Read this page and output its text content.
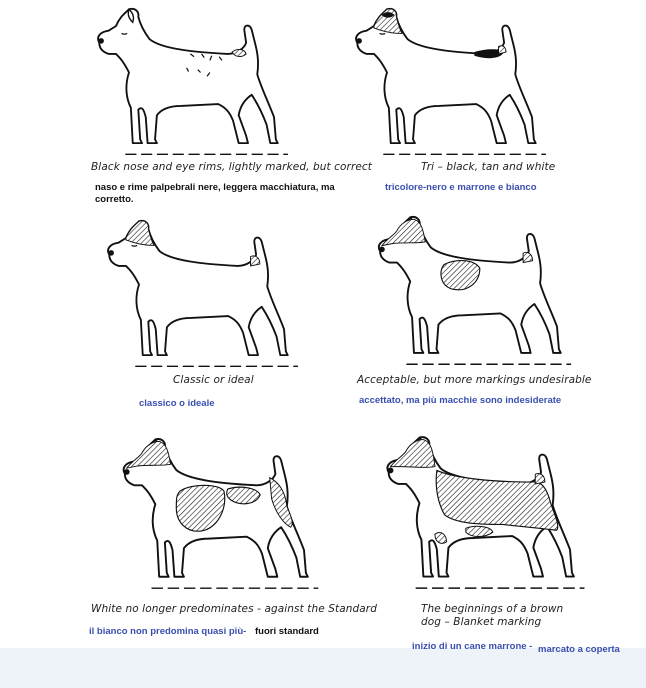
Black nose and eye rims, lightly marked, but correct
naso e rime palpebrali nere, leggera macchiatura, ma corretto.
Tri – black, tan and white
tricolore-nero e marrone e bianco
Classic or ideal
classico o ideale
Acceptable, but more markings undesirable
accettato, ma più macchie sono indesiderate
White no longer predominates - against the Standard
il bianco non predomina quasi più- fuori standard
The beginnings of a brown
dog – Blanket marking
inizio di un cane marrone - marcato a coperta
